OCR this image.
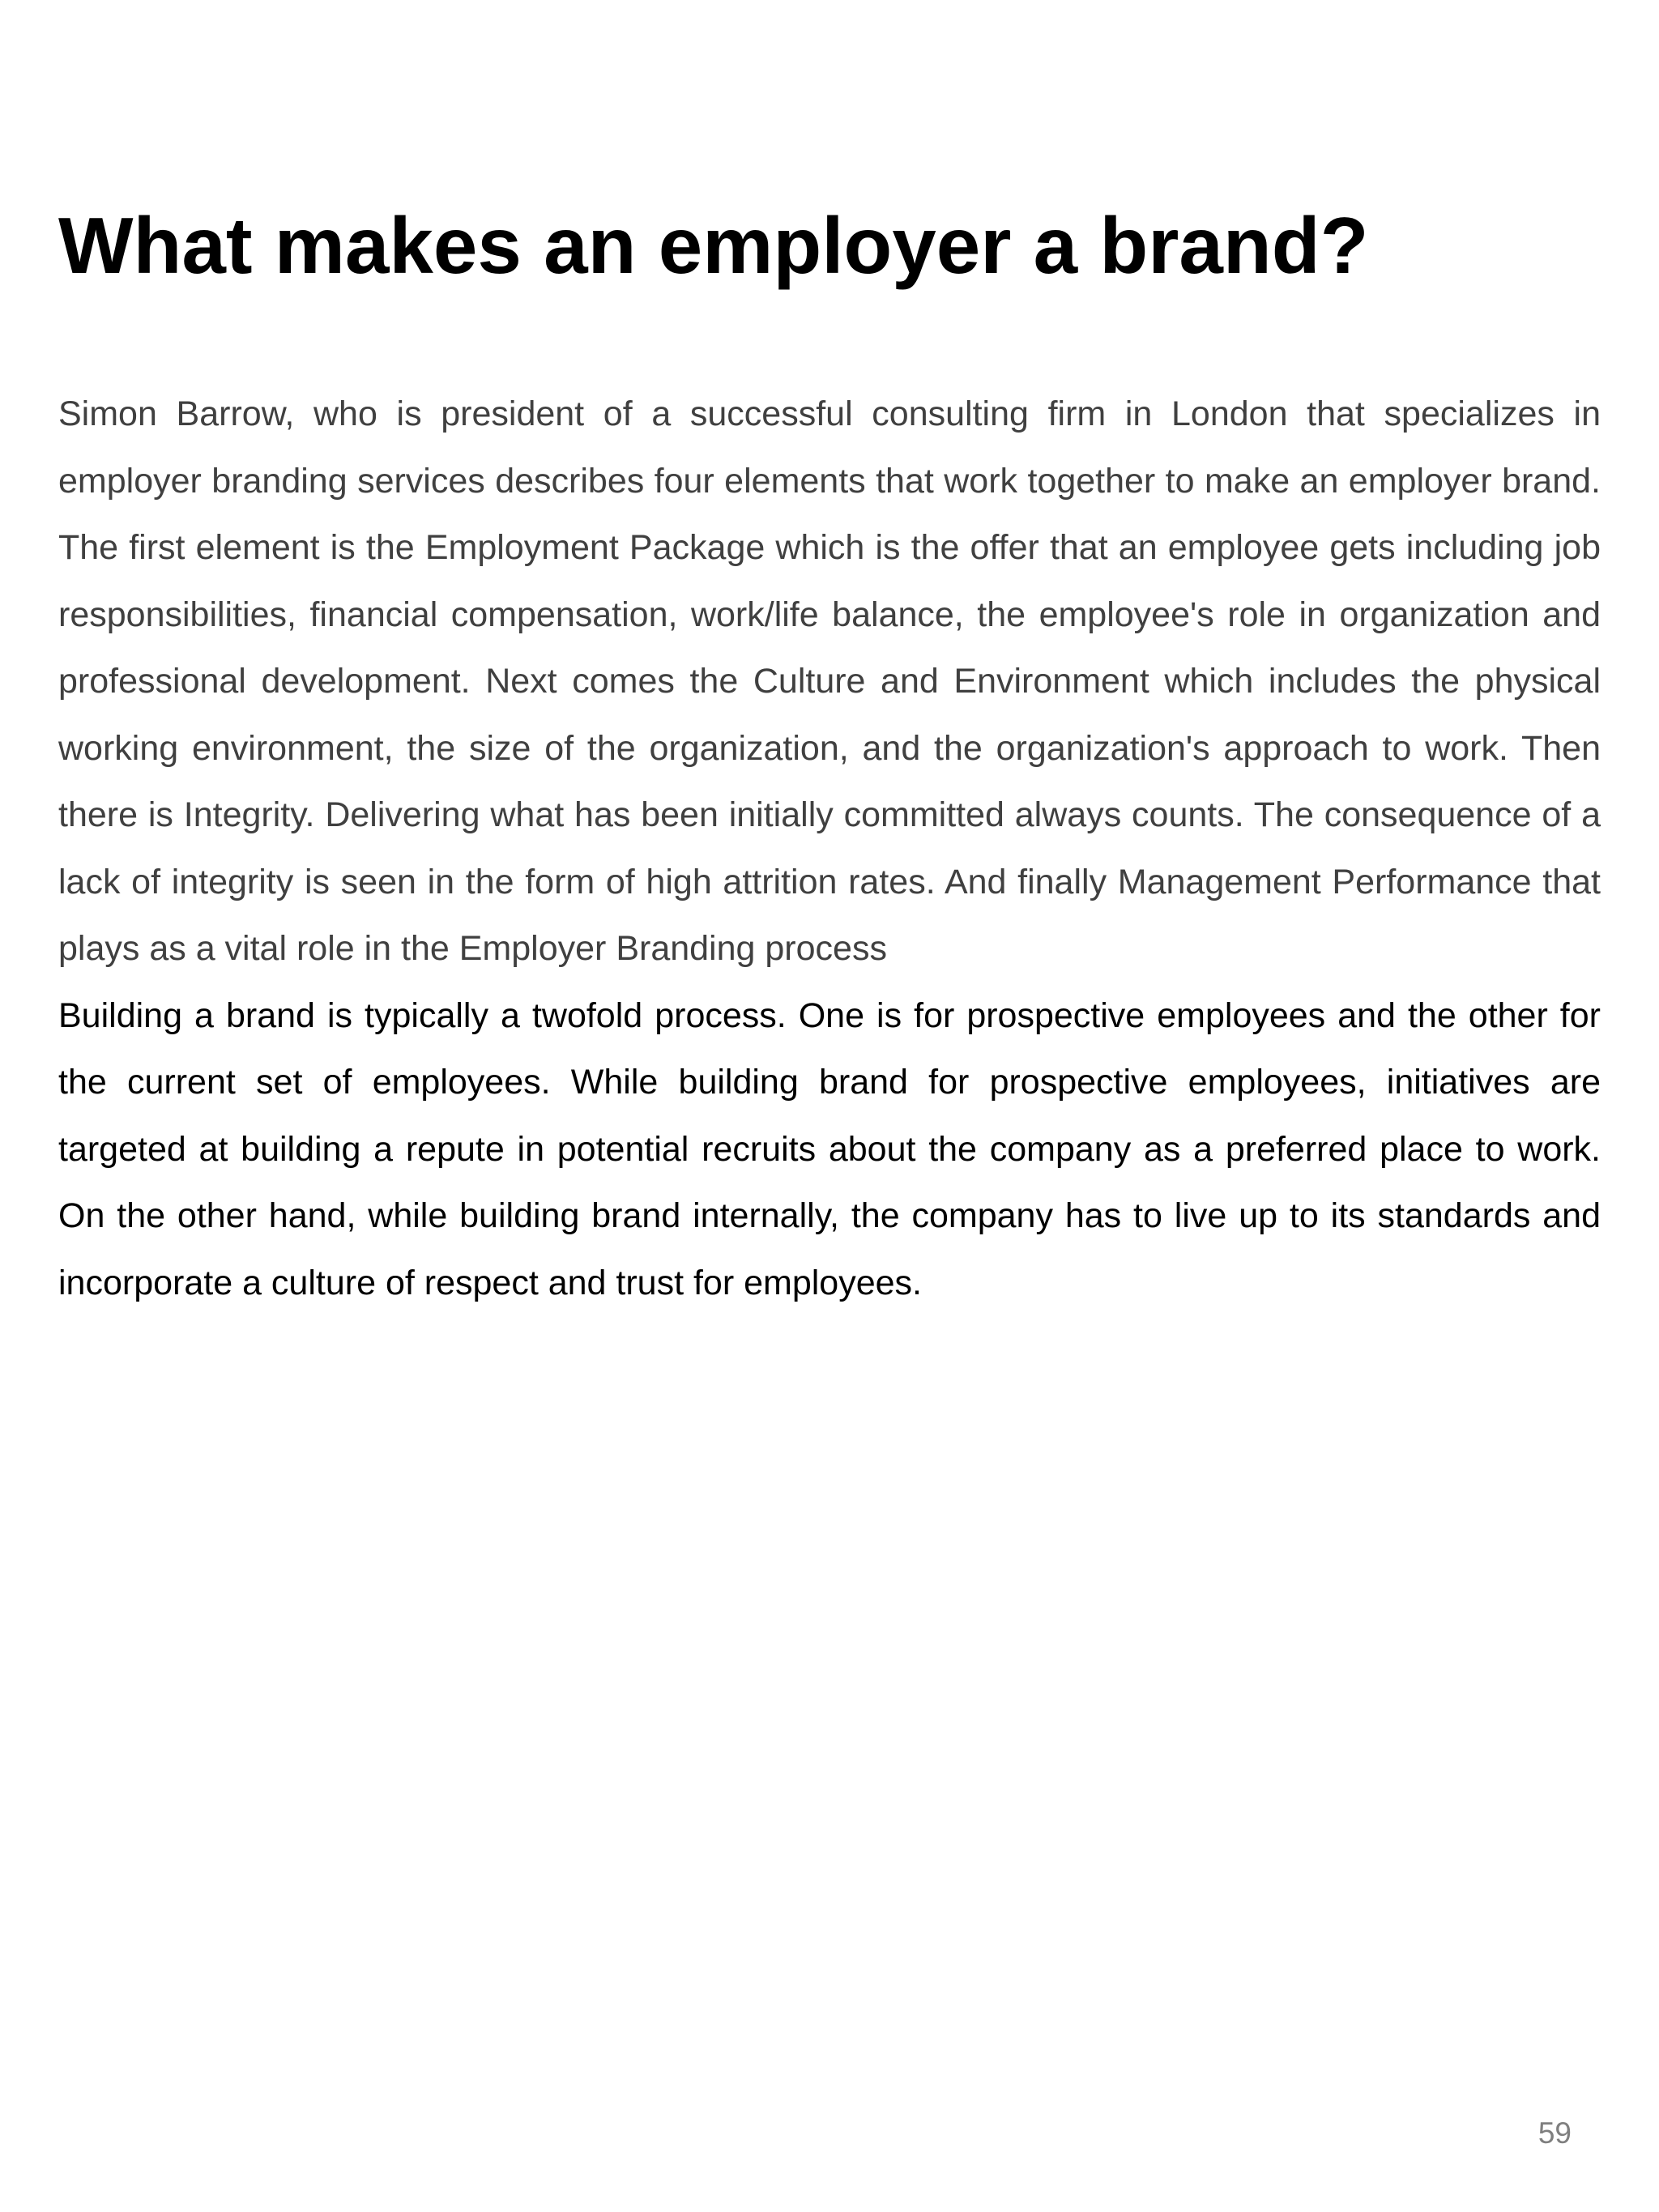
What makes an employer a brand?
Simon Barrow, who is president of a successful consulting firm in London that specializes in employer branding services describes four elements that work together to make an employer brand. The first element is the Employment Package which is the offer that an employee gets including job responsibilities, financial compensation, work/life balance, the employee's role in organization and professional development. Next comes the Culture and Environment which includes the physical working environment, the size of the organization, and the organization's approach to work. Then there is Integrity. Delivering what has been initially committed always counts. The consequence of a lack of integrity is seen in the form of high attrition rates. And finally Management Performance that plays as a vital role in the Employer Branding process
Building a brand is typically a twofold process. One is for prospective employees and the other for the current set of employees. While building brand for prospective employees, initiatives are targeted at building a repute in potential recruits about the company as a preferred place to work. On the other hand, while building brand internally, the company has to live up to its standards and incorporate a culture of respect and trust for employees.
59
